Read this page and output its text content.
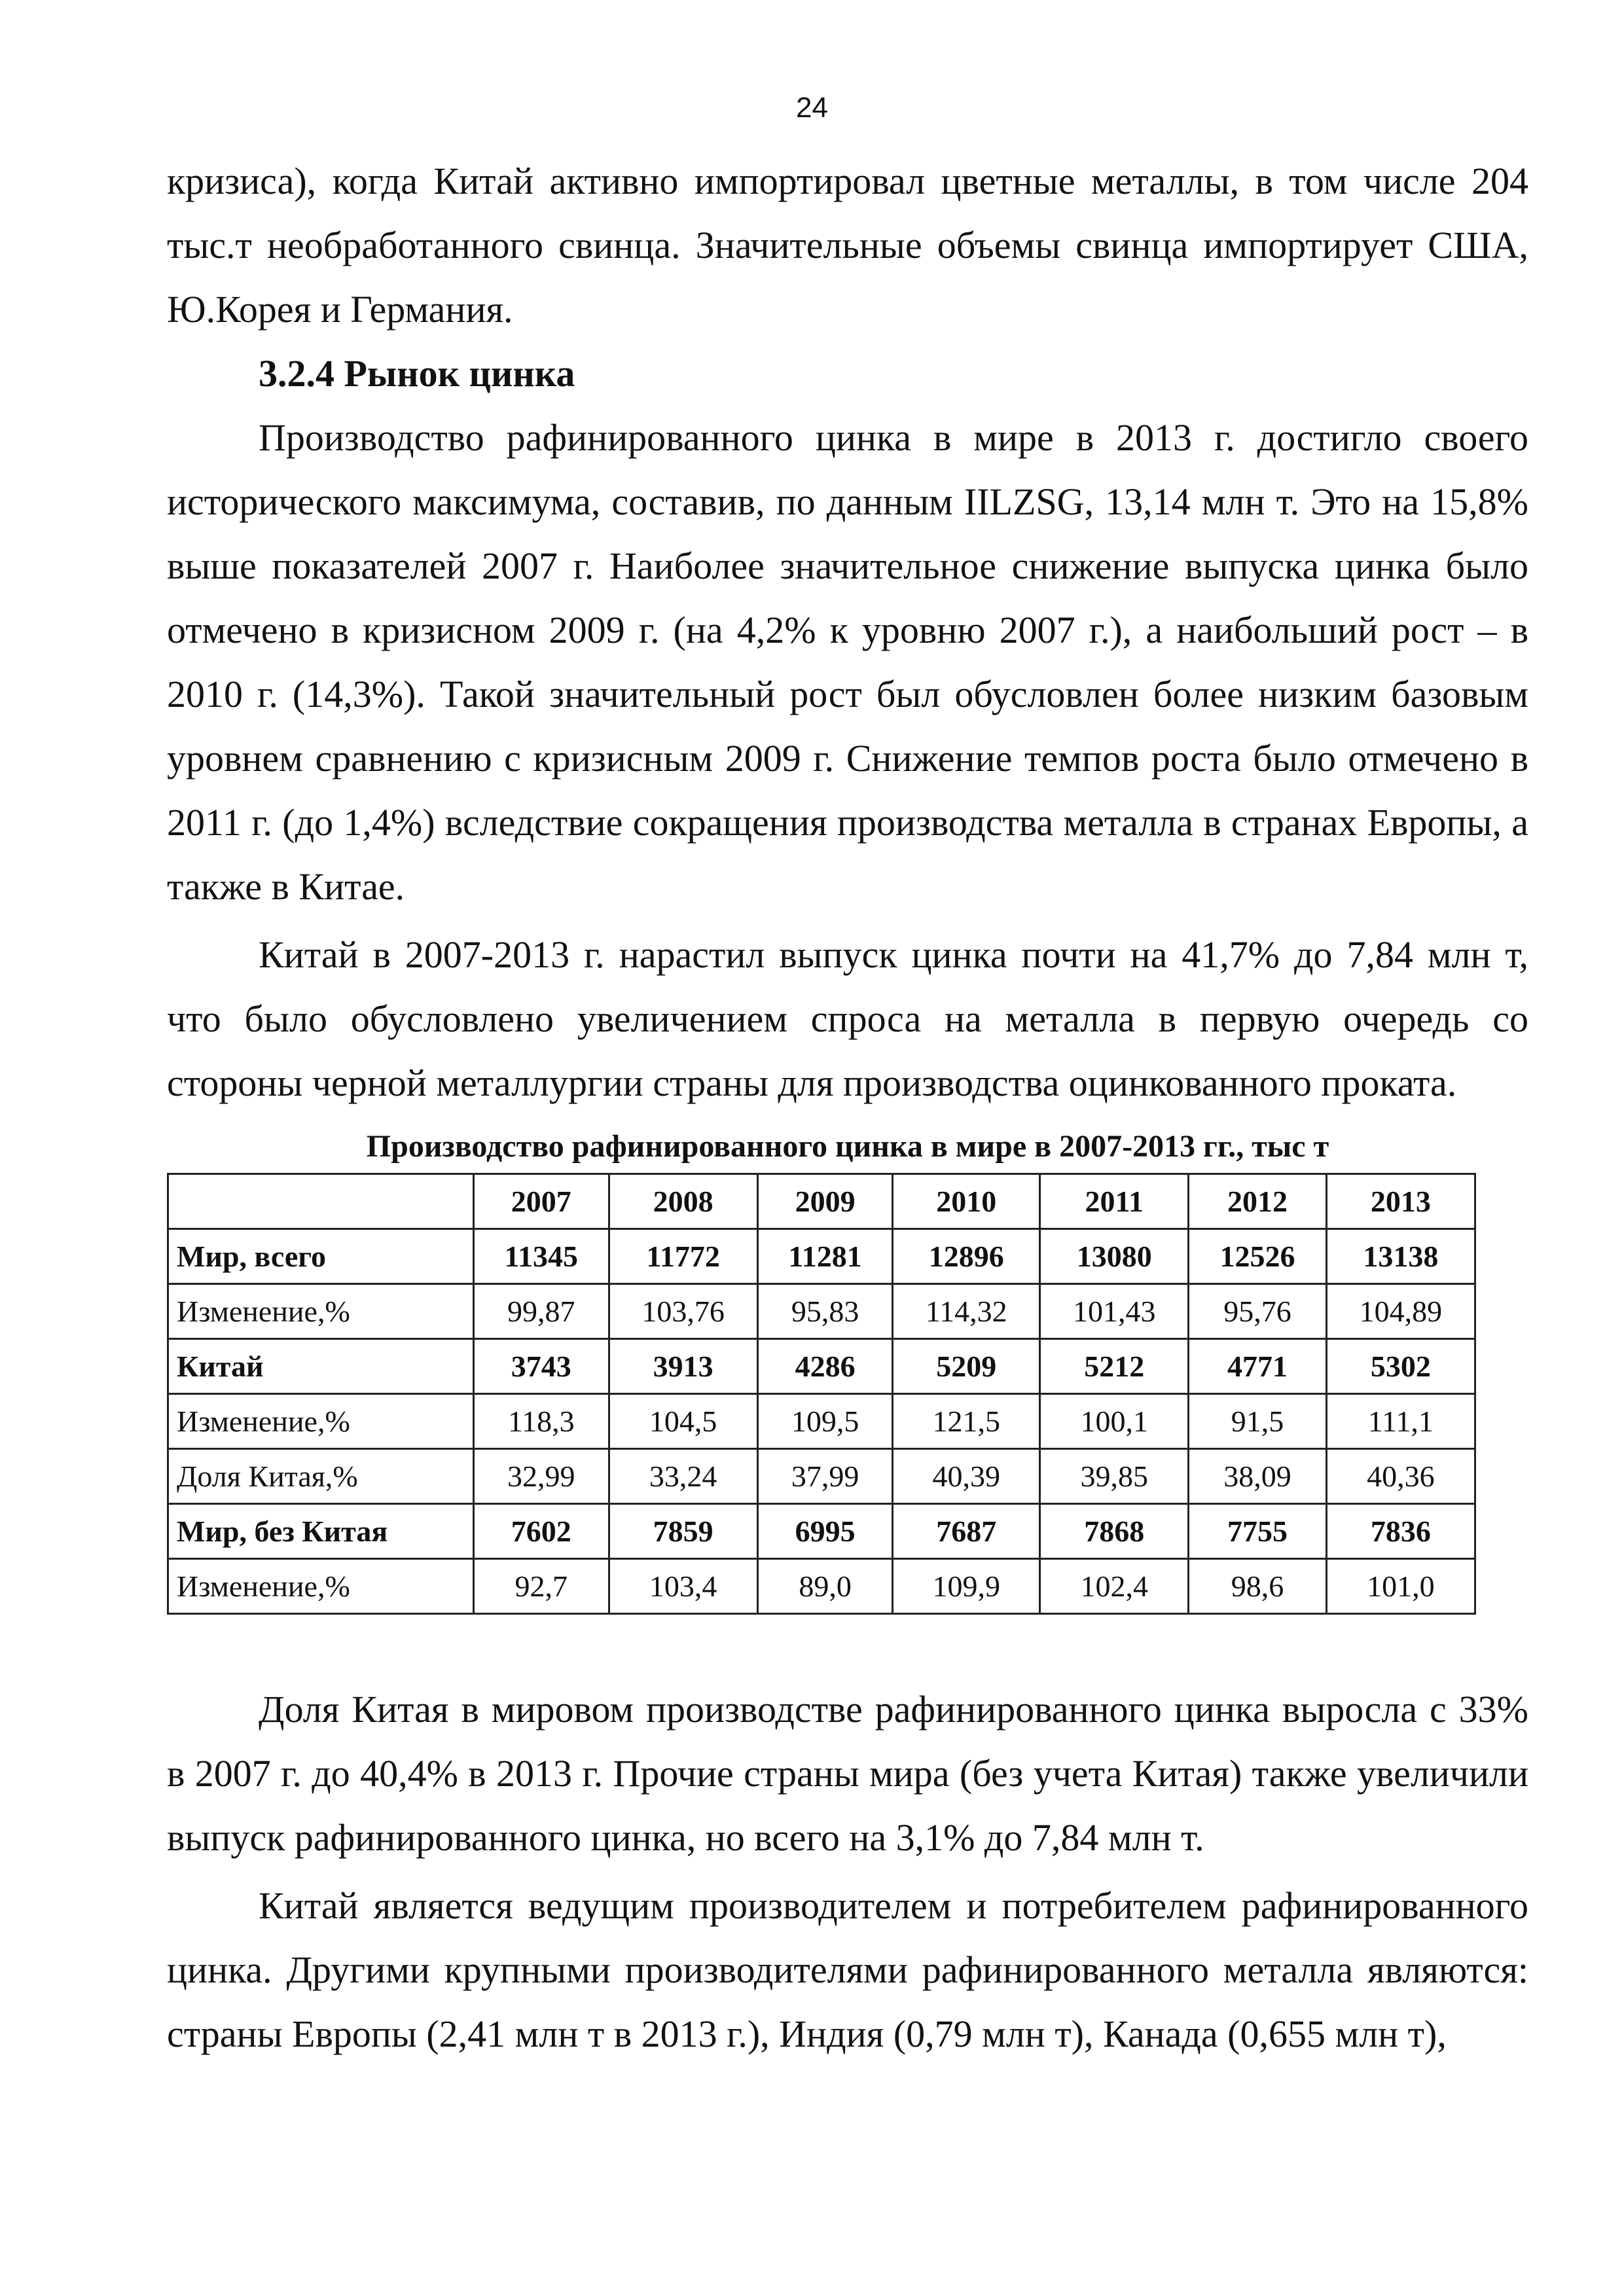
24

кризиса), когда Китай активно импортировал цветные металлы, в том числе 204 тыс.т необработанного свинца. Значительные объемы свинца импортирует США, Ю.Корея и Германия.

3.2.4 Рынок цинка

Производство рафинированного цинка в мире в 2013 г. достигло своего исторического максимума, составив, по данным IILZSG, 13,14 млн т. Это на 15,8% выше показателей 2007 г. Наиболее значительное снижение выпуска цинка было отмечено в кризисном 2009 г. (на 4,2% к уровню 2007 г.), а наибольший рост – в 2010 г. (14,3%). Такой значительный рост был обусловлен более низким базовым уровнем сравнению с кризисным 2009 г. Снижение темпов роста было отмечено в 2011 г. (до 1,4%) вследствие сокращения производства металла в странах Европы, а также в Китае.

Китай в 2007-2013 г. нарастил выпуск цинка почти на 41,7% до 7,84 млн т, что было обусловлено увеличением спроса на металла в первую очередь со стороны черной металлургии страны для производства оцинкованного проката.

Производство рафинированного цинка в мире в 2007-2013 гг., тыс т
	2007	2008	2009	2010	2011	2012	2013
Мир, всего	11345	11772	11281	12896	13080	12526	13138
Изменение,%	99,87	103,76	95,83	114,32	101,43	95,76	104,89
Китай	3743	3913	4286	5209	5212	4771	5302
Изменение,%	118,3	104,5	109,5	121,5	100,1	91,5	111,1
Доля Китая,%	32,99	33,24	37,99	40,39	39,85	38,09	40,36
Мир, без Китая	7602	7859	6995	7687	7868	7755	7836
Изменение,%	92,7	103,4	89,0	109,9	102,4	98,6	101,0

Доля Китая в мировом производстве рафинированного цинка выросла с 33% в 2007 г. до 40,4% в 2013 г. Прочие страны мира (без учета Китая) также увеличили выпуск рафинированного цинка, но всего на 3,1% до 7,84 млн т.

Китай является ведущим производителем и потребителем рафинированного цинка. Другими крупными производителями рафинированного металла являются: страны Европы (2,41 млн т в 2013 г.), Индия (0,79 млн т), Канада (0,655 млн т),
